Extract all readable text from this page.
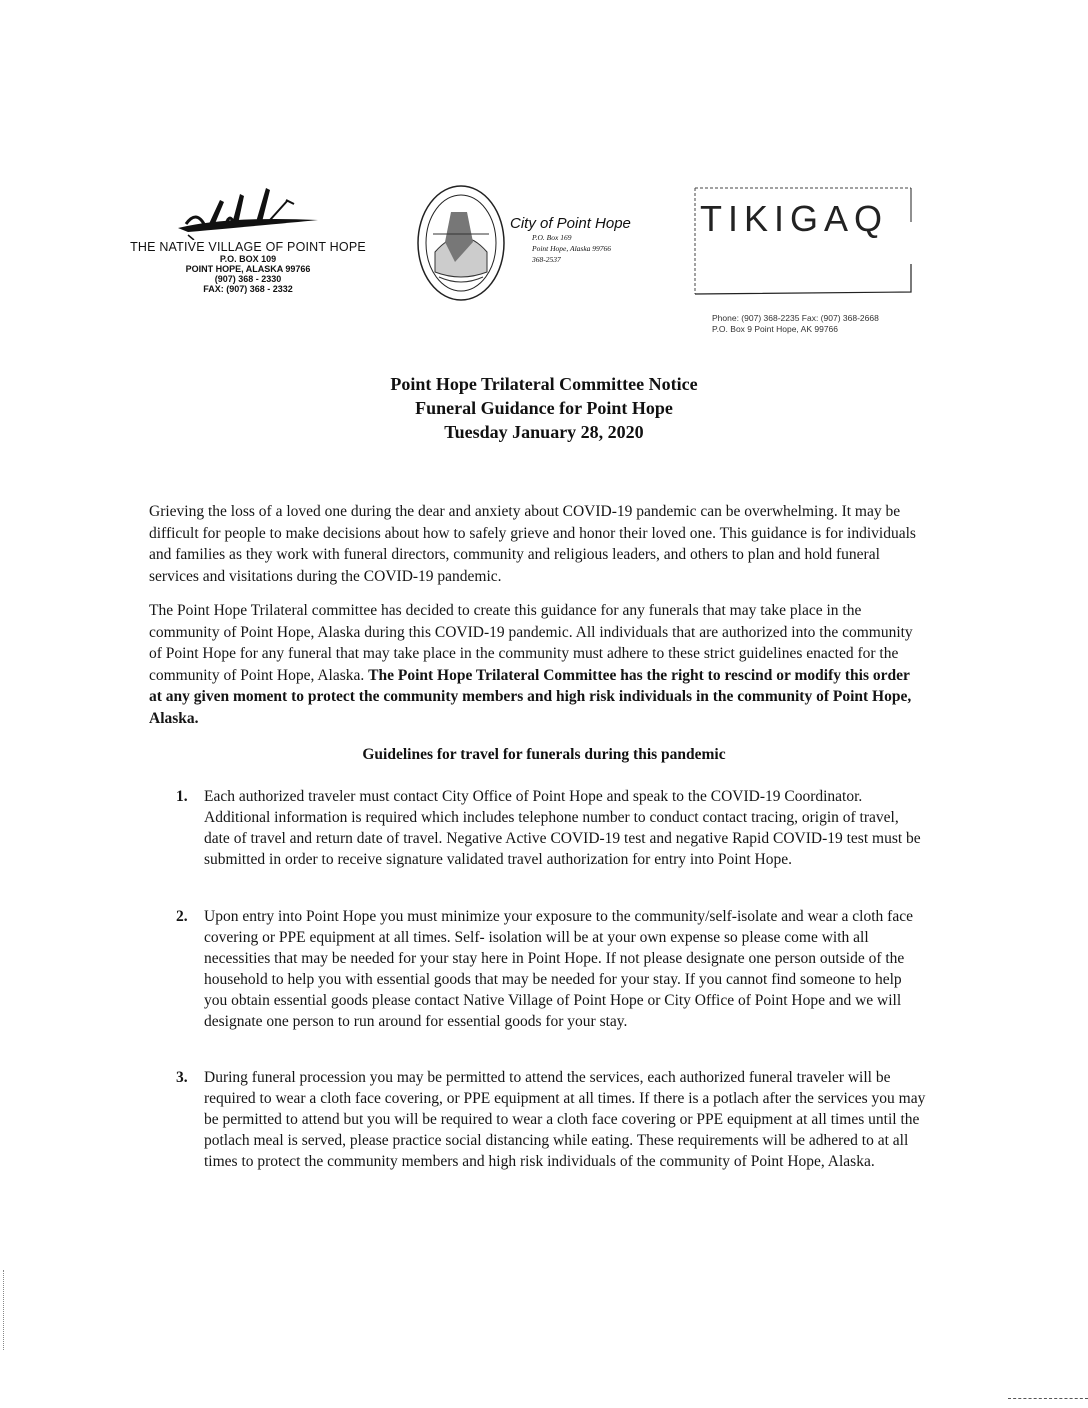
THE NATIVE VILLAGE OF POINT HOPE
P.O. BOX 109
POINT HOPE, ALASKA 99766
(907) 368 - 2330
FAX: (907) 368 - 2332
City of Point Hope
P.O. Box 169
Point Hope, Alaska 99766
368-2537
TIKIGAQ
Phone: (907) 368-2235 Fax: (907) 368-2668
P.O. Box 9 Point Hope, AK 99766
Point Hope Trilateral Committee Notice
Funeral Guidance for Point Hope
Tuesday January 28, 2020
Grieving the loss of a loved one during the dear and anxiety about COVID-19 pandemic can be overwhelming. It may be difficult for people to make decisions about how to safely grieve and honor their loved one. This guidance is for individuals and families as they work with funeral directors, community and religious leaders, and others to plan and hold funeral services and visitations during the COVID-19 pandemic.
The Point Hope Trilateral committee has decided to create this guidance for any funerals that may take place in the community of Point Hope, Alaska during this COVID-19 pandemic. All individuals that are authorized into the community of Point Hope for any funeral that may take place in the community must adhere to these strict guidelines enacted for the community of Point Hope, Alaska. The Point Hope Trilateral Committee has the right to rescind or modify this order at any given moment to protect the community members and high risk individuals in the community of Point Hope, Alaska.
Guidelines for travel for funerals during this pandemic
1. Each authorized traveler must contact City Office of Point Hope and speak to the COVID-19 Coordinator. Additional information is required which includes telephone number to conduct contact tracing, origin of travel, date of travel and return date of travel. Negative Active COVID-19 test and negative Rapid COVID-19 test must be submitted in order to receive signature validated travel authorization for entry into Point Hope.
2. Upon entry into Point Hope you must minimize your exposure to the community/self-isolate and wear a cloth face covering or PPE equipment at all times. Self- isolation will be at your own expense so please come with all necessities that may be needed for your stay here in Point Hope. If not please designate one person outside of the household to help you with essential goods that may be needed for your stay. If you cannot find someone to help you obtain essential goods please contact Native Village of Point Hope or City Office of Point Hope and we will designate one person to run around for essential goods for your stay.
3. During funeral procession you may be permitted to attend the services, each authorized funeral traveler will be required to wear a cloth face covering, or PPE equipment at all times. If there is a potlach after the services you may be permitted to attend but you will be required to wear a cloth face covering or PPE equipment at all times until the potlach meal is served, please practice social distancing while eating. These requirements will be adhered to at all times to protect the community members and high risk individuals of the community of Point Hope, Alaska.
